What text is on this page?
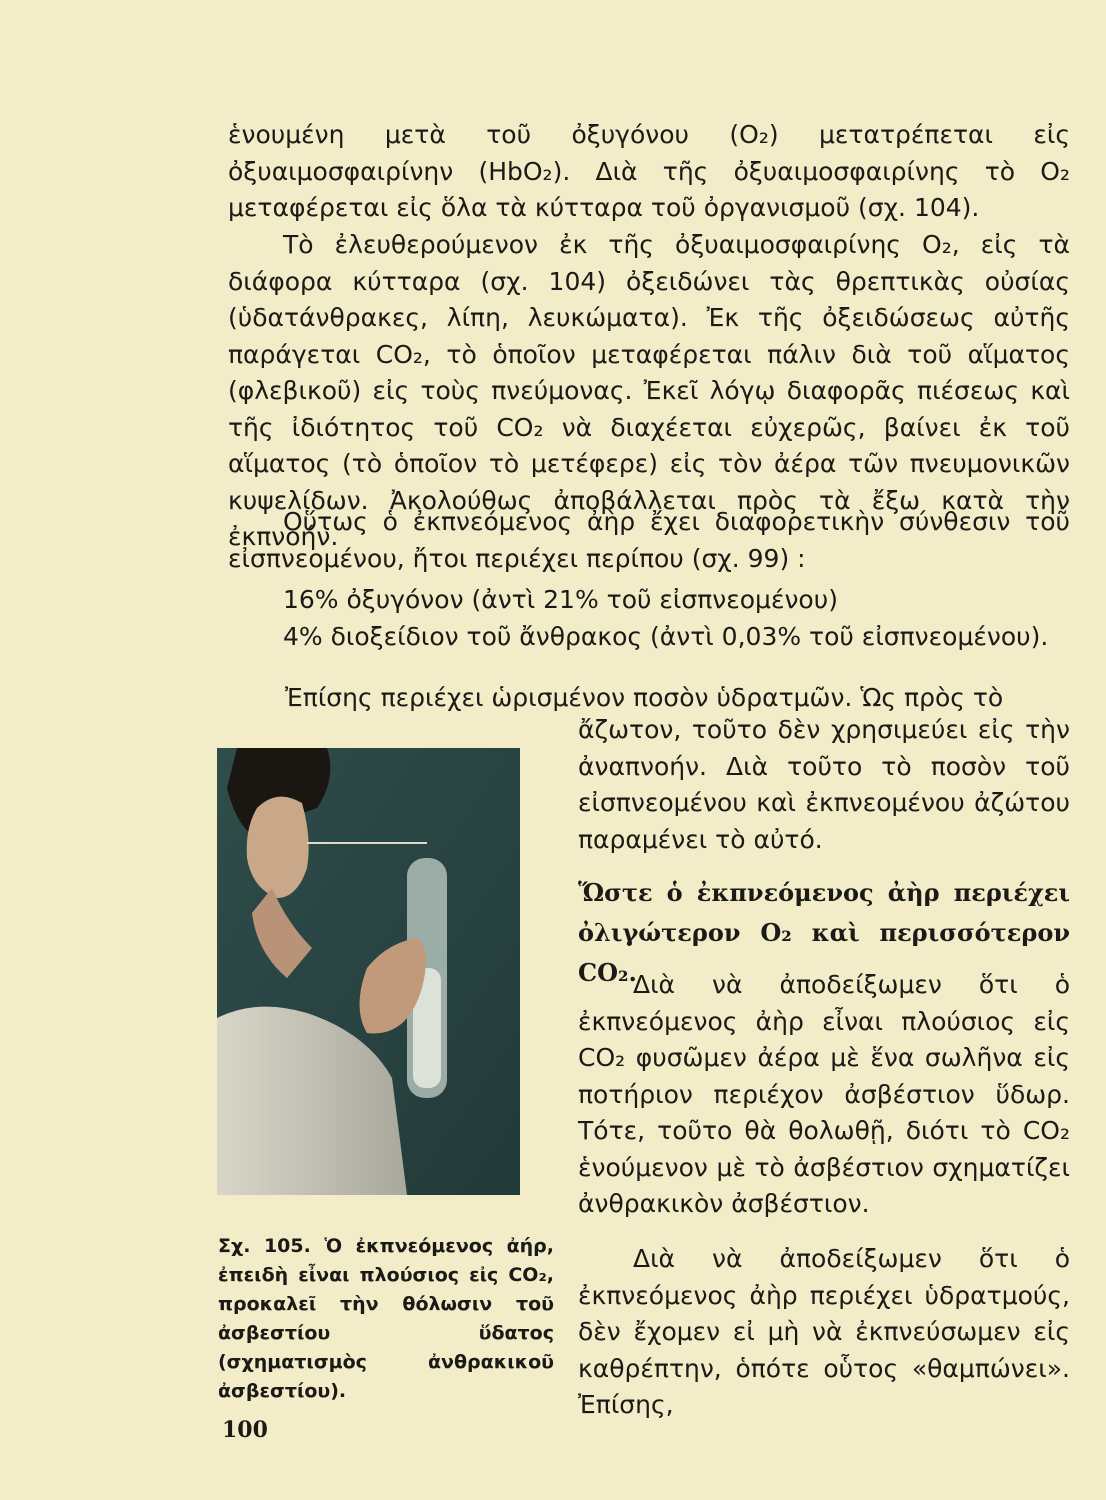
ἑνουμένη μετὰ τοῦ ὀξυγόνου (O₂) μετατρέπεται εἰς ὀξυαιμοσφαιρίνην (HbO₂). Διὰ τῆς ὀξυαιμοσφαιρίνης τὸ O₂ μεταφέρεται εἰς ὅλα τὰ κύτταρα τοῦ ὀργανισμοῦ (σχ. 104).

Τὸ ἐλευθερούμενον ἐκ τῆς ὀξυαιμοσφαιρίνης O₂, εἰς τὰ διάφορα κύτταρα (σχ. 104) ὀξειδώνει τὰς θρεπτικὰς οὐσίας (ὑδατάνθρακες, λίπη, λευκώματα). Ἐκ τῆς ὀξειδώσεως αὐτῆς παράγεται CO₂, τὸ ὁποῖον μεταφέρεται πάλιν διὰ τοῦ αἵματος (φλεβικοῦ) εἰς τοὺς πνεύμονας. Ἐκεῖ λόγῳ διαφορᾶς πιέσεως καὶ τῆς ἰδιότητος τοῦ CO₂ νὰ διαχέεται εὐχερῶς, βαίνει ἐκ τοῦ αἵματος (τὸ ὁποῖον τὸ μετέφερε) εἰς τὸν ἀέρα τῶν πνευμονικῶν κυψελίδων. Ἀκολούθως ἀποβάλλεται πρὸς τὰ ἔξω κατὰ τὴν ἐκπνοήν.

Οὕτως ὁ ἐκπνεόμενος ἀὴρ ἔχει διαφορετικὴν σύνθεσιν τοῦ εἰσπνεομένου, ἤτοι περιέχει περίπου (σχ. 99) :

16% ὀξυγόνον (ἀντὶ 21% τοῦ εἰσπνεομένου)

4% διοξείδιον τοῦ ἄνθρακος (ἀντὶ 0,03% τοῦ εἰσπνεομένου).

Ἐπίσης περιέχει ὡρισμένον ποσὸν ὑδρατμῶν. Ὡς πρὸς τὸ

ἄζωτον, τοῦτο δὲν χρησιμεύει εἰς τὴν ἀναπνοήν. Διὰ τοῦτο τὸ ποσὸν τοῦ εἰσπνεομένου καὶ ἐκπνεομένου ἀζώτου παραμένει τὸ αὐτό.

Ὥστε ὁ ἐκπνεόμενος ἀὴρ περιέχει ὀλιγώτερον O₂ καὶ περισσότερον CO₂.

Διὰ νὰ ἀποδείξωμεν ὅτι ὁ ἐκπνεόμενος ἀὴρ εἶναι πλούσιος εἰς CO₂ φυσῶμεν ἀέρα μὲ ἕνα σωλῆνα εἰς ποτήριον περιέχον ἀσβέστιον ὕδωρ. Τότε, τοῦτο θὰ θολωθῇ, διότι τὸ CO₂ ἑνούμενον μὲ τὸ ἀσβέστιον σχηματίζει ἀνθρακικὸν ἀσβέστιον.

Διὰ νὰ ἀποδείξωμεν ὅτι ὁ ἐκπνεόμενος ἀὴρ περιέχει ὑδρατμούς, δὲν ἔχομεν εἰ μὴ νὰ ἐκπνεύσωμεν εἰς καθρέπτην, ὁπότε οὗτος «θαμπώνει». Ἐπίσης,

Σχ. 105. Ὁ ἐκπνεόμενος ἀήρ, ἐπειδὴ εἶναι πλούσιος εἰς CO₂, προκαλεῖ τὴν θόλωσιν τοῦ ἀσβεστίου ὕδατος (σχηματισμὸς ἀνθρακικοῦ ἀσβεστίου).

100
